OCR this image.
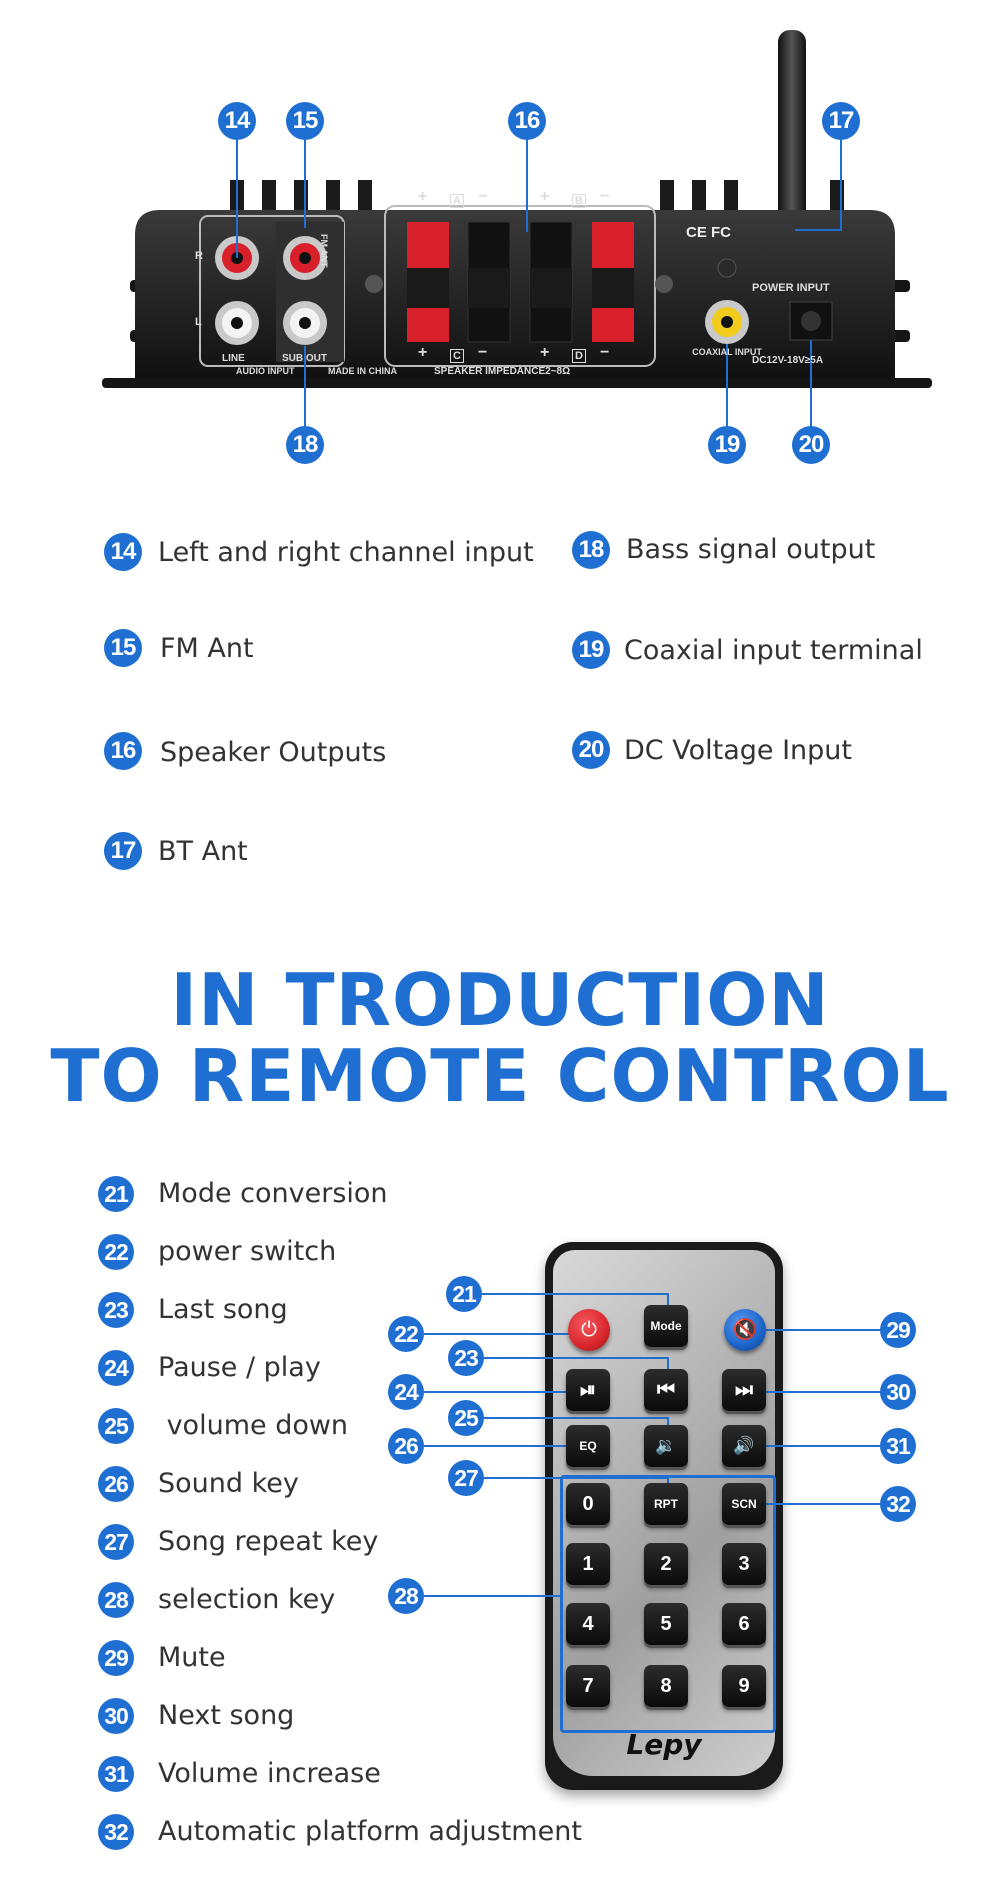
R
L
FM ANT
LINE	SUB OUT
AUDIO INPUT	MADE IN CHINA	SPEAKER IMPEDANCE2~8Ω
+ A −	+ B −
+ C −	+ D −
CE FC
POWER INPUT
COAXIAL INPUT
DC12V-18V≥5A
14 15	16	17
18	19 20
14 Left and right channel input 18 Bass signal output
15 FM Ant	19 Coaxial input terminal
16 Speaker Outputs	20 DC Voltage Input
17 BT Ant
IN TRODUCTION
TO REMOTE CONTROL
21 Mode conversion
22 power switch
23 Last song
24 Pause / play
25 volume down
26 Sound key
27 Song repeat key
28 selection key
29 Mute
30 Next song
31 Volume increase
32 Automatic platform adjustment
Lepy
⏻	Mode	🔇
⏯	⏮	⏭
EQ	🔉	🔊
0	RPT	SCN
1	2	3
4	5	6
7	8	9
21
22
23
24
25
26
27
28
29
30
31
32
